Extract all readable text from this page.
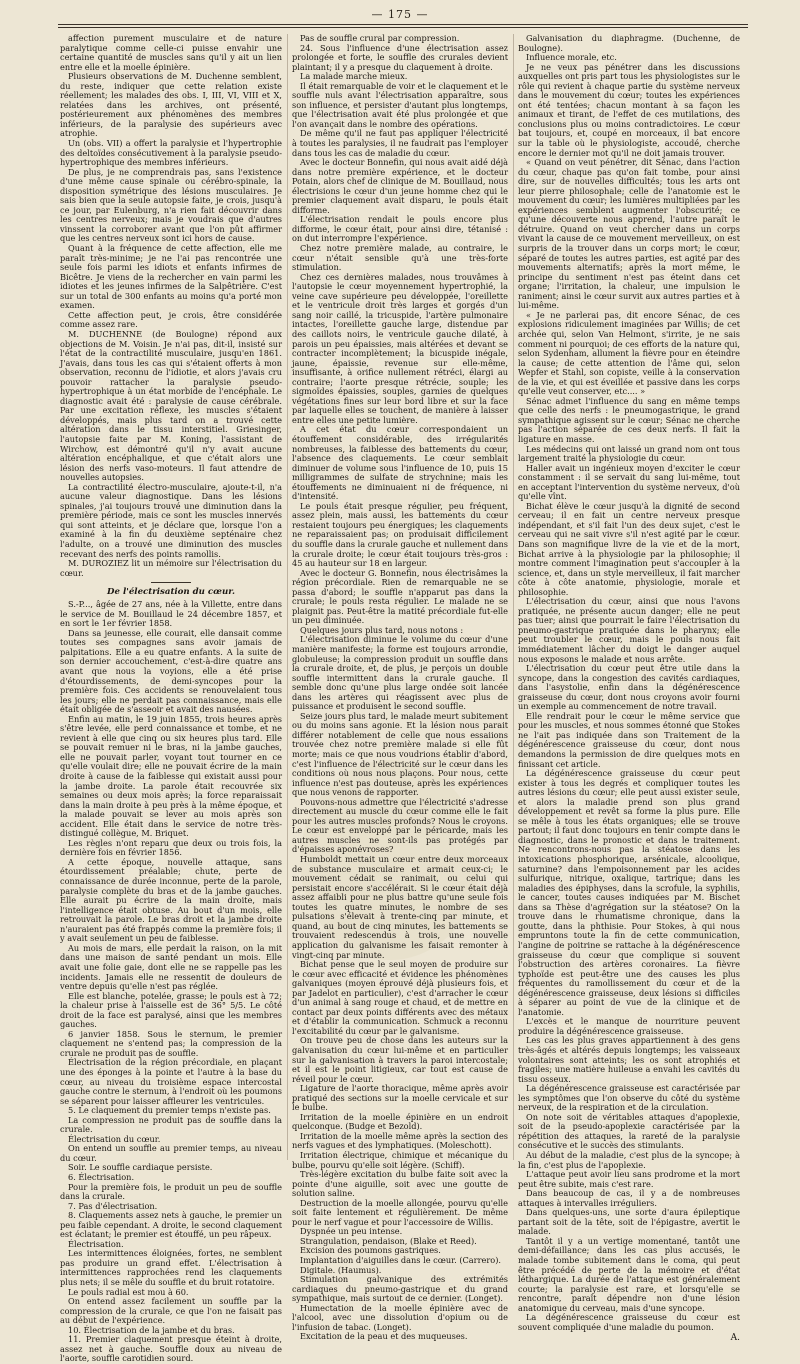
— 175 —

affection purement musculaire et de nature paralytique comme celle-ci puisse envahir une certaine quantité de muscles sans qu'il y ait un lien entre elle et la moelle épinière.

Plusieurs observations de M. Duchenne semblent, du reste, indiquer que cette relation existe réellement; les malades des obs. I, III, VI, VIII et X, relatées dans les archives, ont présenté, postérieurement aux phénomènes des membres inférieurs, de la paralysie des supérieurs avec atrophie.

Un (obs. VII) a offert la paralysie et l'hypertrophie des deltoïdes consécutivement à la paralysie pseudo-hypertrophique des membres inférieurs.

De plus, je ne comprendrais pas, sans l'existence d'une même cause spinale ou cérébro-spinale, la disposition symétrique des lésions musculaires. Je sais bien que la seule autopsie faite, je crois, jusqu'à ce jour, par Eulenburg, n'a rien fait découvrir dans les centres nerveux; mais je voudrais que d'autres vinssent la corroborer avant que l'on pût affirmer que les centres nerveux sont ici hors de cause.

Quant à la fréquence de cette affection, elle me paraît très-minime; je ne l'ai pas rencontrée une seule fois parmi les idiots et enfants infirmes de Bicêtre. Je viens de la rechercher en vain parmi les idiotes et les jeunes infirmes de la Salpêtrière. C'est sur un total de 300 enfants au moins qu'a porté mon examen.

Cette affection peut, je crois, être considérée comme assez rare.

M. DUCHENNE (de Boulogne) répond aux objections de M. Voisin. Je n'ai pas, dit-il, insisté sur l'état de la contractilité musculaire, jusqu'en 1861. J'avais, dans tous les cas qui s'étaient offerts à mon observation, reconnu de l'idiotie, et alors j'avais cru pouvoir rattacher la paralysie pseudo-hypertrophique à un état morbide de l'encéphale. Le diagnostic avait été : paralysie de cause cérébrale. Par une excitation réflexe, les muscles s'étaient développés, mais plus tard on a trouvé cette altération dans le tissu interstitiel. Griesinger, l'autopsie faite par M. Koning, l'assistant de Wirchow, est démontré qu'il n'y avait aucune altération encéphalique, et que c'était alors une lésion des nerfs vaso-moteurs. Il faut attendre de nouvelles autopsies.

La contractilité électro-musculaire, ajoute-t-il, n'a aucune valeur diagnostique. Dans les lésions spinales, j'ai toujours trouvé une diminution dans la première période, mais ce sont les muscles innervés qui sont atteints, et je déclare que, lorsque l'on a examiné à la fin du deuxième septénaire chez l'adulte, on a trouvé une diminution des muscles recevant des nerfs des points ramollis.

M. DUROZIEZ lit un mémoire sur l'électrisation du cœur.

De l'électrisation du cœur.

S.-P..., âgée de 27 ans, née à la Villette, entre dans le service de M. Bouillaud le 24 décembre 1857, et en sort le 1er février 1858.

Dans sa jeunesse, elle courait, elle dansait comme toutes ses compagnes sans avoir jamais de palpitations. Elle a eu quatre enfants. A la suite de son dernier accouchement, c'est-à-dire quatre ans avant que nous la voyions, elle a été prise d'étourdissements, de demi-syncopes pour la première fois. Ces accidents se renouvelaient tous les jours; elle ne perdait pas connaissance, mais elle était obligée de s'asseoir et avait des nausées.

Enfin au matin, le 19 juin 1855, trois heures après s'être levée, elle perd connaissance et tombe, et ne revient à elle que cinq ou six heures plus tard. Elle se pouvait remuer ni le bras, ni la jambe gauches, elle ne pouvait parler, voyant tout tourner en ce qu'elle voulait dire; elle ne pouvait écrire de la main droite à cause de la faiblesse qui existait aussi pour la jambe droite. La parole était recouvrée six semaines ou deux mois après; la force reparaissait dans la main droite à peu près à la même époque, et la malade pouvait se lever au mois après son accident. Elle était dans le service de notre très-distingué collègue, M. Briquet.

Les règles n'ont reparu que deux ou trois fois, la dernière fois en février 1856.

A cette époque, nouvelle attaque, sans étourdissement préalable; chute, perte de connaissance de durée inconnue, perte de la parole, paralysie complète du bras et de la jambe gauches. Elle aurait pu écrire de la main droite, mais l'intelligence était obtuse. Au bout d'un mois, elle retrouvait la parole. Le bras droit et la jambe droite n'auraient pas été frappés comme la première fois; il y avait seulement un peu de faiblesse.

Au mois de mars, elle perdait la raison, on la mit dans une maison de santé pendant un mois. Elle avait une folie gaie, dont elle ne se rappelle pas les incidents. Jamais elle ne ressentit de douleurs de ventre depuis qu'elle n'est pas réglée.

Elle est blanche, potelée, grasse; le pouls est à 72; la chaleur prise à l'aisselle est de 36° 5/5. Le côté droit de la face est paralysé, ainsi que les membres gauches.

6 janvier 1858. Sous le sternum, le premier claquement ne s'entend pas; la compression de la crurale ne produit pas de souffle.

Électrisation de la région précordiale, en plaçant une des éponges à la pointe et l'autre à la base du cœur, au niveau du troisième espace intercostal gauche contre le sternum, à l'endroit où les poumons se séparent pour laisser affleurer les ventricules.

5. Le claquement du premier temps n'existe pas.

La compression ne produit pas de souffle dans la crurale.

Électrisation du cœur.

On entend un souffle au premier temps, au niveau du cœur.

Soir. Le souffle cardiaque persiste.

6. Électrisation.

Pour la première fois, le produit un peu de souffle dans la crurale.

7. Pas d'électrisation.

8. Claquements assez nets à gauche, le premier un peu faible cependant. A droite, le second claquement est éclatant; le premier est étouffé, un peu râpeux.

Électrisation.

Les intermittences éloignées, fortes, ne semblent pas produire un grand effet. L'électrisation à intermittences rapprochées rend les claquements plus nets; il se mêle du souffle et du bruit rotatoire.

Le pouls radial est mou à 60.

On entend assez facilement un souffle par la compression de la crurale, ce que l'on ne faisait pas au début de l'expérience.

10. Électrisation de la jambe et du bras.

11. Premier claquement presque éteint à droite, assez net à gauche. Souffle doux au niveau de l'aorte, souffle carotidien sourd.

Pas de souffle crural par compression.

24. Sous l'influence d'une électrisation assez prolongée et forte, le souffle des crurales devient plaintant; il y a presque du claquement à droite.

La malade marche mieux.

Il était remarquable de voir et le claquement et le souffle nuls avant l'électrisation apparaître, sous son influence, et persister d'autant plus longtemps, que l'électrisation avait été plus prolongée et que l'on avançait dans le nombre des opérations.

De même qu'il ne faut pas appliquer l'électricité à toutes les paralysies, il ne faudrait pas l'employer dans tous les cas de maladie du cœur.

Avec le docteur Bonnefin, qui nous avait aidé déjà dans notre première expérience, et le docteur Potain, alors chef de clinique de M. Bouillaud, nous électrisions le cœur d'un jeune homme chez qui le premier claquement avait disparu, le pouls était difforme.

L'électrisation rendait le pouls encore plus difforme, le cœur était, pour ainsi dire, tétanisé : on dut interrompre l'expérience.

Chez notre première malade, au contraire, le cœur n'était sensible qu'à une très-forte stimulation.

Chez ces dernières malades, nous trouvâmes à l'autopsie le cœur moyennement hypertrophié, la veine cave supérieure peu développée, l'oreillette et le ventricule droit très larges et gorgés d'un sang noir caillé, la tricuspide, l'artère pulmonaire intactes, l'oreillette gauche large, distendue par des caillots noirs, le ventricule gauche dilaté, à parois un peu épaissies, mais altérées et devant se contracter incomplètement; la bicuspide inégale, jaune, épaissie, revenue sur elle-même, insuffisante, à orifice nullement rétréci, élargi au contraire; l'aorte presque rétrécie, souple; les sigmoïdes épaissies, souples, garnies de quelques végétations fines sur leur bord libre et sur la face par laquelle elles se touchent, de manière à laisser entre elles une petite lumière.

A cet état du cœur correspondaient un étouffement considérable, des irrégularités nombreuses, la faiblesse des battements du cœur, l'absence des claquements. Le cœur semblait diminuer de volume sous l'influence de 10, puis 15 milligrammes de sulfate de strychnine; mais les étouffements ne diminuaient ni de fréquence, ni d'intensité.

Le pouls était presque régulier, peu fréquent, assez plein, mais aussi, les battements du cœur restaient toujours peu énergiques; les claquements ne reparaissaient pas; on produisait difficilement du souffle dans la crurale gauche et nullement dans la crurale droite; le cœur était toujours très-gros : 45 au hauteur sur 18 en largeur.

Avec le docteur G. Bonnefin, nous électrisâmes la région précordiale. Rien de remarquable ne se passa d'abord; le souffle n'apparut pas dans la crurale; le pouls resta régulier. Le malade ne se plaignit pas. Peut-être la matité précordiale fut-elle un peu diminuée.

Quelques jours plus tard, nous notons :

L'électrisation diminue le volume du cœur d'une manière manifeste; la forme est toujours arrondie, globuleuse; la compression produit un souffle dans la crurale droite, et, de plus, je perçois un double souffle intermittent dans la crurale gauche. Il semble donc qu'une plus large ondée soit lancée dans les artères qui réagissent avec plus de puissance et produisent le second souffle.

Seize jours plus tard, le malade meurt subitement ou du moins sans agonie. Et la lésion nous parait différer notablement de celle que nous essaiions trouvée chez notre première malade si elle fût morte; mais ce que nous voudrions établir d'abord, c'est l'influence de l'électricité sur le cœur dans les conditions où nous nous plaçons. Pour nous, cette influence n'est pas douteuse, après les expériences que nous venons de rapporter.

Pouvons-nous admettre que l'électricité s'adresse directement au muscle du cœur comme elle le fait pour les autres muscles profonds? Nous le croyons. Le cœur est enveloppé par le péricarde, mais les autres muscles ne sont-ils pas protégés par d'épaisses aponévroses?

Humboldt mettait un cœur entre deux morceaux de substance musculaire et armait ceux-ci; le mouvement cédait se ranimait, ou celui qui persistait encore s'accélérait. Si le cœur était déjà assez affaibli pour ne plus battre qu'une seule fois toutes les quatre minutes, le nombre de ses pulsations s'élevait à trente-cinq par minute, et quand, au bout de cinq minutes, les battements se trouvaient redescendus à trois, une nouvelle application du galvanisme les faisait remonter à vingt-cinq par minute.

Bichat pense que le seul moyen de produire sur le cœur avec efficacité et évidence les phénomènes galvaniques (moyen éprouvé déjà plusieurs fois, et par Jadelot en particulier), c'est d'arracher le cœur d'un animal à sang rouge et chaud, et de mettre en contact par deux points différents avec des métaux et d'établir la communication. Schmuck a reconnu l'excitabilité du cœur par le galvanisme.

On trouve peu de chose dans les auteurs sur la galvanisation du cœur lui-même et en particulier sur la galvanisation à travers la paroi intercostale; et il est le point litigieux, car tout est cause de réveil pour le cœur.

Ligature de l'aorte thoracique, même après avoir pratiqué des sections sur la moelle cervicale et sur le bulbe.

Irritation de la moelle épinière en un endroit quelconque. (Budge et Bezold).

Irritation de la moelle même après la section des nerfs vagues et des lymphatiques. (Moleschott).

Irritation électrique, chimique et mécanique du bulbe, pourvu qu'elle soit légère. (Schiff).

Très-légère excitation du bulbe faite soit avec la pointe d'une aiguille, soit avec une goutte de solution saline.

Destruction de la moelle allongée, pourvu qu'elle soit faite lentement et régulièrement. De même pour le nerf vague et pour l'accessoire de Willis.

Dyspnée un peu intense.

Strangulation, pendaison, (Blake et Reed).

Excision des poumons gastriques.

Implantation d'aiguilles dans le cœur. (Carrero).

Digitale. (Haumus).

Stimulation galvanique des extrémités cardiaques du pneumo-gastrique et du grand sympathique, mais surtout de ce dernier. (Longet).

Humectation de la moelle épinière avec de l'alcool, avec une dissolution d'opium ou de l'infusion de tabac. (Longet).

Excitation de la peau et des muqueuses.

Galvanisation du diaphragme. (Duchenne, de Boulogne).

Influence morale, etc.

Je ne veux pas pénétrer dans les discussions auxquelles ont pris part tous les physiologistes sur le rôle qui revient à chaque partie du système nerveux dans le mouvement du cœur; toutes les expériences ont été tentées; chacun montant à sa façon les animaux et tirant, de l'effet de ces mutilations, des conclusions plus ou moins contradictoires. Le cœur bat toujours, et, coupé en morceaux, il bat encore sur la table où le physiologiste, accoudé, cherche encore le dernier mot qu'il ne doit jamais trouver.

« Quand on veut pénétrer, dit Sénac, dans l'action du cœur, chaque pas qu'on fait tombe, pour ainsi dire, sur de nouvelles difficultés; tous les arts ont leur pierre philosophale; celle de l'anatomie est le mouvement du cœur; les lumières multipliées par les expériences semblent augmenter l'obscurité; ce qu'une découverte nous apprend, l'autre paraît le détruire. Quand on veut chercher dans un corps vivant la cause de ce mouvement merveilleux, on est surpris de la trouver dans un corps mort; le cœur, séparé de toutes les autres parties, est agité par des mouvements alternatifs; après la mort même, le principe du sentiment n'est pas éteint dans cet organe; l'irritation, la chaleur, une impulsion le raniment; ainsi le cœur survit aux autres parties et à lui-même.

« Je ne parlerai pas, dit encore Sénac, de ces explosions ridiculement imaginées par Willis; de cet archée qui, selon Van Helmont, s'irrite, je ne sais comment ni pourquoi; de ces efforts de la nature qui, selon Sydenham, allument la fièvre pour en éteindre la cause; de cette attention de l'âme qui, selon Wepfer et Stahl, son copiste, veille à la conservation de la vie, et qui est éveillée et passive dans les corps qu'elle veut conserver, etc.... »

Sénac admet l'influence du sang en même temps que celle des nerfs : le pneumogastrique, le grand sympathique agissent sur le cœur; Sénac ne cherche pas l'action séparée de ces deux nerfs. Il fait la ligature en masse.

Les médecins qui ont laissé un grand nom ont tous largement traité la physiologie du cœur.

Haller avait un ingénieux moyen d'exciter le cœur constamment : il se servait du sang lui-même, tout en acceptant l'intervention du système nerveux, d'où qu'elle vînt.

Bichat élève le cœur jusqu'à la dignité de second cerveau; il en fait un centre nerveux presque indépendant, et s'il fait l'un des deux sujet, c'est le cerveau qui ne sait vivre s'il n'est agité par le cœur. Dans son magnifique livre de la vie et de la mort, Bichat arrive à la physiologie par la philosophie; il montre comment l'imagination peut s'accoupler à la science, et, dans un style merveilleux, il fait marcher côte à côte anatomie, physiologie, morale et philosophie.

L'électrisation du cœur, ainsi que nous l'avons pratiquée, ne présente aucun danger; elle ne peut pas tuer; ainsi que pourrait le faire l'électrisation du pneumo-gastrique pratiquée dans le pharynx; elle peut troubler le cœur, mais le pouls nous fait immédiatement lâcher du doigt le danger auquel nous exposons le malade et nous arrête.

L'électrisation du cœur peut être utile dans la syncope, dans la congestion des cavités cardiaques, dans l'asystolie, enfin dans la dégénérescence graisseuse du cœur, dont nous croyons avoir fourni un exemple au commencement de notre travail.

Elle rendrait pour le cœur le même service que pour les muscles, et nous sommes étonné que Stokes ne l'ait pas indiquée dans son Traitement de la dégénérescence graisseuse du cœur, dont nous demandons la permission de dire quelques mots en finissant cet article.

La dégénérescence graisseuse du cœur peut exister à tous les degrés et compliquer toutes les autres lésions du cœur; elle peut aussi exister seule, et alors la maladie prend son plus grand développement et revêt sa forme la plus pure. Elle se mêle à tous les états organiques; elle se trouve partout; il faut donc toujours en tenir compte dans le diagnostic, dans le pronostic et dans le traitement. Ne rencontrons-nous pas la stéatose dans les intoxications phosphorique, arsénicale, alcoolique, saturnine? dans l'empoisonnement par les acides sulfurique, nitrique, oxalique, tartrique; dans les maladies des épiphyses, dans la scrofule, la syphilis, le cancer, toutes causes indiquées par M. Bischet dans sa Thèse d'agrégation sur la stéatose? On la trouve dans le rhumatisme chronique, dans la goutte, dans la phthisie. Pour Stokes, à qui nous empruntons toute la fin de cette communication, l'angine de poitrine se rattache à la dégénérescence graisseuse du cœur que complique si souvent l'obstruction des artères coronaires. La fièvre typhoïde est peut-être une des causes les plus fréquentes du ramollissement du cœur et de la dégénérescence graisseuse, deux lésions si difficiles à séparer au point de vue de la clinique et de l'anatomie.

L'excès et le manque de nourriture peuvent produire la dégénérescence graisseuse.

Les cas les plus graves appartiennent à des gens très-âgés et altérés depuis longtemps; les vaisseaux volontaires sont atteints; les os sont atrophiés et fragiles; une matière huileuse a envahi les cavités du tissu osseux.

La dégénérescence graisseuse est caractérisée par les symptômes que l'on observe du côté du système nerveux, de la respiration et de la circulation.

On note soit de véritables attaques d'apoplexie, soit de la pseudo-apoplexie caractérisée par la répétition des attaques, la rareté de la paralysie consécutive et le succès des stimulants.

Au début de la maladie, c'est plus de la syncope; à la fin, c'est plus de l'apoplexie.

L'attaque peut avoir lieu sans prodrome et la mort peut être subite, mais c'est rare.

Dans beaucoup de cas, il y a de nombreuses attaques à intervalles irréguliers.

Dans quelques-uns, une sorte d'aura épileptique partant soit de la tête, soit de l'épigastre, avertit le malade.

Tantôt il y a un vertige momentané, tantôt une demi-défaillance; dans les cas plus accusés, le malade tombe subitement dans le coma, qui peut être précédé de perte de la mémoire et d'état léthargique. La durée de l'attaque est généralement courte; la paralysie est rare, et lorsqu'elle se rencontre, paraît dépendre non d'une lésion anatomique du cerveau, mais d'une syncope.

La dégénérescence graisseuse du cœur est souvent compliquée d'une maladie du poumon.

A.
